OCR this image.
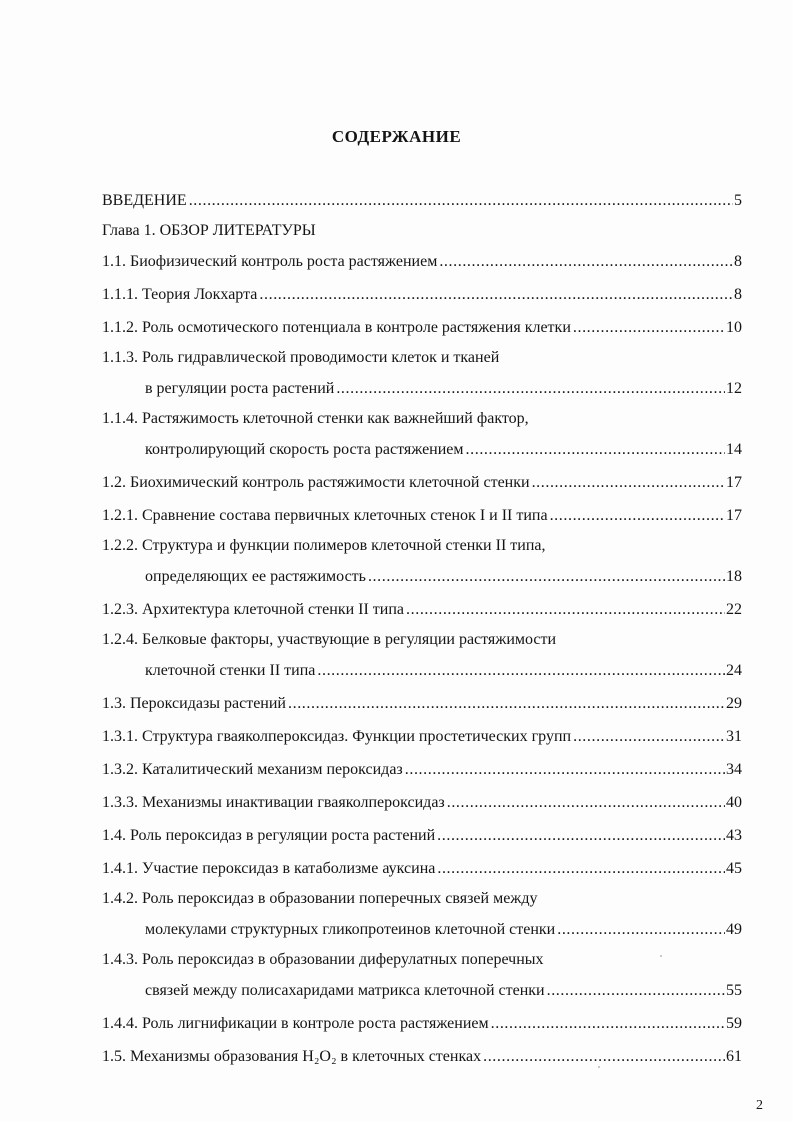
СОДЕРЖАНИЕ
ВВЕДЕНИЕ .....	5
Глава 1. ОБЗОР ЛИТЕРАТУРЫ
1.1. Биофизический контроль роста растяжением .....	8
1.1.1. Теория Локхарта .....	8
1.1.2. Роль осмотического потенциала в контроле растяжения клетки .....	10
1.1.3. Роль гидравлической проводимости клеток и тканей
в регуляции роста растений .....	12
1.1.4. Растяжимость клеточной стенки как важнейший фактор,
контролирующий скорость роста растяжением .....	14
1.2. Биохимический контроль растяжимости клеточной стенки .....	17
1.2.1. Сравнение состава первичных клеточных стенок I и II типа .....	17
1.2.2. Структура и функции полимеров клеточной стенки II типа,
определяющих ее растяжимость .....	18
1.2.3. Архитектура клеточной стенки II типа .....	22
1.2.4. Белковые факторы, участвующие в регуляции растяжимости
клеточной стенки II типа .....	24
1.3. Пероксидазы растений .....	29
1.3.1. Структура гваяколпероксидаз. Функции простетических групп .....	31
1.3.2. Каталитический механизм пероксидаз .....	34
1.3.3. Механизмы инактивации гваяколпероксидаз .....	40
1.4. Роль пероксидаз в регуляции роста растений .....	43
1.4.1. Участие пероксидаз в катаболизме ауксина .....	45
1.4.2. Роль пероксидаз в образовании поперечных связей между
молекулами структурных гликопротеинов клеточной стенки .....	49
1.4.3. Роль пероксидаз в образовании диферулатных поперечных
связей между полисахаридами матрикса клеточной стенки .....	55
1.4.4. Роль лигнификации в контроле роста растяжением .....	59
1.5. Механизмы образования H₂O₂ в клеточных стенках .....	61
2
